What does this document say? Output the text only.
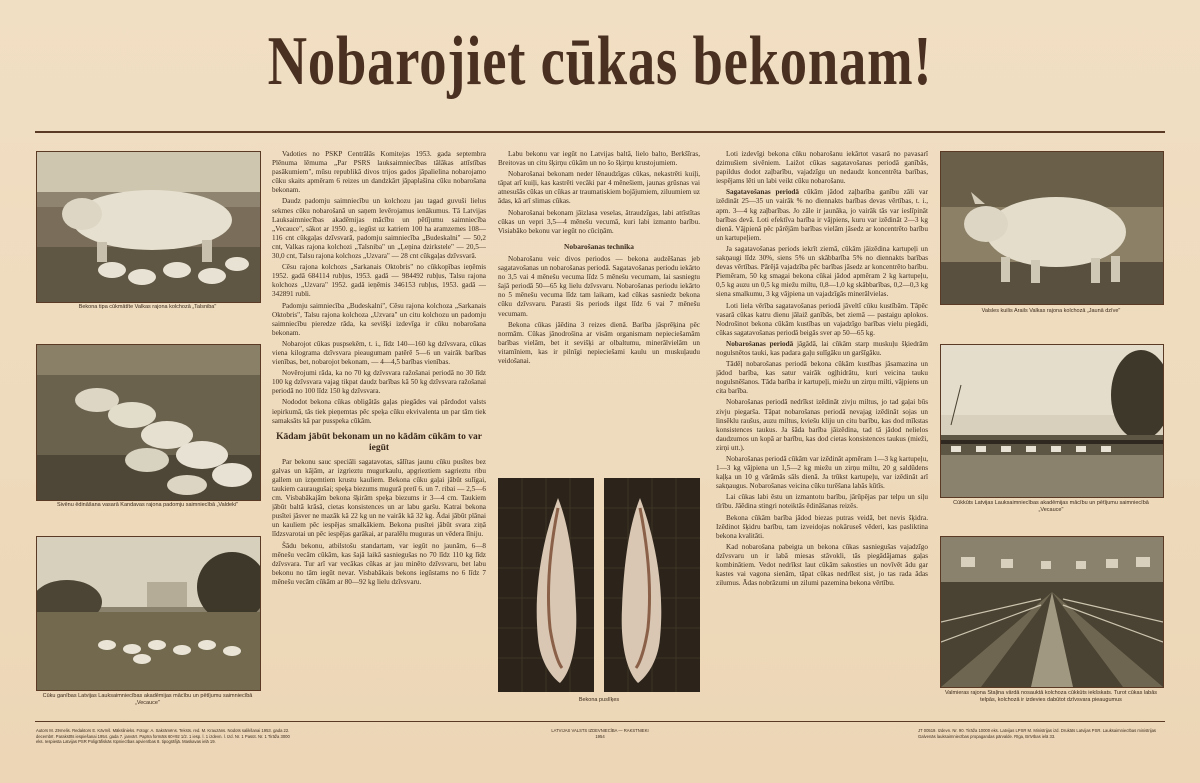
Nobarojiet cūkas bekonam!
Bekona tipa cūkmātīte Valkas rajona kolchozā „Talsniba"
Sivēnu ēdināšana vasarā Kandavas rajona padomju saimniecībā „Valdeki"
Cūku ganības Latvijas Lauksaimniecības akadēmijas mācību un pētījumu saimniecībā „Vecauce"

Vadoties no PSKP Centrālās Komitejas 1953. gada septembra Plēnuma lēmuma „Par PSRS lauksaimniecības tālākas attīstības pasākumiem", mūsu republikā divos trijos gados jāpalielina nobarojamo cūku skaits apmēram 6 reizes un dandzkārt jāpaplašina cūku nobarošana bekonam.

Daudz padomju saimniecību un kolchozu jau tagad guvuši lielus sekmes cūku nobarošanā un saņem levērojamus ienākumus. Tā Latvijas Lauksaimniecības akadēmijas mācību un pētījumu saimniecība „Vecauce", sākot ar 1950. g., iegūst uz katriem 100 ha aramzemes 108—116 cnt cūkgaļas dzīvsvarā, padomju saimniecība „Budeskalni" — 50,2 cnt, Valkas rajona kolchozi „Talsniba" un „Ļeņina dzirkstele" — 20,5—30,0 cnt, Talsu rajona kolchozs „Uzvara" — 28 cnt cūkgaļas dzīvsvarā.

Cēsu rajona kolchozs „Sarkanais Oktobris" no cūkkopības ieņēmis 1952. gadā 684114 rubļus, 1953. gadā — 984492 rubļus, Talsu rajona kolchozs „Uzvara" 1952. gadā ieņēmis 346153 rubļus, 1953. gadā — 342891 rubli.

Padomju saimniecība „Budeskalni", Cēsu rajona kolchoza „Sarkanais Oktobris", Talsu rajona kolchoza „Uzvara" un citu kolchozu un padomju saimniecību pieredze rāda, ka sevišķi izdevīga ir cūku nobarošana bekonam.

Nobarojot cūkas puspsekēm, t. i., līdz 140—160 kg dzīvsvara, cūkas viena kilograma dzīvsvara pieaugumam patērē 5—6 un vairāk barības vienības, bet, nobarojot bekonam, — 4—4,5 barības vienības.

Novērojumi rāda, ka no 70 kg dzīvsvara ražošanai periodā no 30 līdz 100 kg dzīvsvara vajag tikpat daudz barības kā 50 kg dzīvsvara ražošanai periodā no 100 līdz 150 kg dzīvsvara.

Nododot bekona cūkas obligātās gaļas piegādes vai pārdodot valsts iepirkumā, tās tiek pieņemtas pēc speķa cūku ekvivalenta un par tām tiek samaksāts kā par pusspeka cūkām.

Kādam jābūt bekonam un no kādām cūkām to var iegūt

Par bekonu sauc speciāli sagatavotas, sālītas jaunu cūku pusītes bez galvas un kājām, ar izgrieztu mugurkaulu, apgrieztiem sagrieztu ribu gallem un izņemtiem krustu kauliem. Bekona cūku gaļai jābūt sulīgai, taukiem cauraugušai; speķa biezums mugurā pretī 6. un 7. ribai — 2,5—6 cm. Visbabākajām bekona šķirām speķa biezums ir 3—4 cm. Taukiem jābūt baltā krāsā, cietas konsistences un ar labu garšu. Katrai bekona pusītei jāsver ne mazāk kā 22 kg un ne vairāk kā 32 kg. Ādai jābūt plānai un kauliem pēc iespējas smalkākiem. Bekona pusītei jābūt svara ziņā līdzsvarotai un pēc iespējas garākai, ar paralēlu muguras un vēdera līniju.

Šādu bekonu, atbilstošu standartam, var iegūt no jaunām, 6—8 mēnešu vecām cūkām, kas šajā laikā sasniegušas no 70 līdz 110 kg līdz dzīvsvara. Tur arī var vecākas cūkas ar jau minēto dzīvsvaru, bet labu bekonu no tām iegūt nevar. Visbabākais bekons iegūstams no 6 līdz 7 mēnešu vecām cūkām ar 80—92 kg lielu dzīvsvaru.

Labu bekonu var iegūt no Latvijas baltā, lielo balto, Berkšīras, Breitovas un citu šķirņu cūkām un no šo šķirņu krustojumiem.

Nobarošanai bekonam neder lēnaudzīgas cūkas, nekastrēti kuiļi, tāpat arī kuiļi, kas kastrēti vecāki par 4 mēnešiem, jaunas grūsnas vai atnesušās cūkas un cūkas ar traumatiskiem bojājumiem, ziluumiem uz ādas, kā arī slimas cūkas.

Nobarošanai bekonam jāizlasa veselas, ātraudzīgas, labi attīstītas cūkas un vepri 3,5—4 mēnešu vecumā, kuri labi izmanto barību. Visiabāko bekonu var iegūt no cūciņām.

Nobarošanas technika

Nobarošanu veic divos periodos — bekona audzēšanas jeb sagatavošanas un nobarošanas periodā. Sagatavošanas periodu iekārto no 3,5 vai 4 mēnešu vecuma līdz 5 mēnešu vecumam, lai sasniegtu šajā periodā 50—65 kg lielu dzīvsvaru. Nobarošanas periodu iekārto no 5 mēnešu vecuma līdz tam laikam, kad cūkas sasniedz bekona cūku dzīvsvaru. Parasti šis periods ilgst līdz 6 vai 7 mēnešu vecumam.

Bekona cūkas jāēdina 3 reizes dienā. Barība jāsprēķina pēc normām. Cūkas jānodrošina ar visām organismam nepieciešamām barības vielām, bet it sevišķi ar olbaltumu, minerālvielām un vitamīniem, kas ir pilnīgi nepieciešami kaulu un muskuļaudu veidošanai.

Bekona puslīķes

Loti izdevīgi bekona cūku nobarošanu iekārtot vasarā no pavasarī dzimušiem sivēniem. Laižot cūkas sagatavošanas periodā ganībās, papildus dodot zaļbarību, vajadzīgu un nedaudz koncentrēta barības, iespējams lēti un labi veikt cūku nobarošanu.

Sagatavošanas periodā cūkām jādod zaļbarība ganību zāli var izēdināt 25—35 un vairāk % no diennakts barības devas vērtības, t. i., apm. 3—4 kg zaļbarības. Jo zāle ir jaunāka, jo vairāk tās var ieslīpināt barības devā. Loti efektīva barība ir vājpiens, kuru var izēdināt 2—3 kg dienā. Vājpienā pēc pārējām barības vielām jāsedz ar koncentrēto barību un kartupeļiem.

Ja sagatavošanas periods iekrīt ziemā, cūkām jāizēdina kartupeļi un sakņaugi līdz 30%, siens 5% un skābbarība 5% no diennakts barības devas vērtības. Pārējā vajadzība pēc barības jāsedz ar koncentrēto barību. Piemēram, 50 kg smagai bekona cūkai jādod apmēram 2 kg kartupeļu, 0,5 kg auzu un 0,5 kg miežu miltu, 0,8—1,0 kg skābbarības, 0,2—0,3 kg siena smalkumu, 3 kg vājpiena un vajadzīgās minerālvielas.

Loti liela vērība sagatavošanas periodā jāveltī cūku kustībām. Tāpēc vasarā cūkas katru dienu jālaiž ganībās, bet ziemā — pastaigu aplokos. Nodrošinot bekona cūkām kustības un vajadzīgo barības vielu piegādi, cūkas sagatavošanas periodā beigās sver ap 50—65 kg.

Nobarošanas periodā jāgādā, lai cūkām starp muskuļu šķiedrām nogulsnētos tauki, kas padara gaļu sulīgāku un garšīgāku.

Tādēļ nobarošanas periodā bekona cūkām kustības jāsamazina un jādod barība, kas satur vairāk ogļhidrātu, kuri veicina tauku nogulsnēšanos. Tāda barība ir kartupeļi, miežu un zirņu milti, vājpiens un cita barība.

Nobarošanas periodā nedrīkst izēdināt zivju miltus, jo tad gaļai būs zivju piegaršа. Tāpat nobarošanas periodā nevajag izēdināt sojas un linsēklu raušus, auzu miltus, kviešu kliju un citu barību, kas dod mīkstas konsistences taukus. Ja šāda barība jāizēdina, tad tā jādod nelielos daudzumos un kopā ar barību, kas dod cietas konsistences taukus (mieži, zirņi utt.).

Nobarošanas periodā cūkām var izēdināt apmēram 1—3 kg kartupeļu, 1—3 kg vājpiena un 1,5—2 kg miežu un zirņu miltu, 20 g saldūdens kaļķa un 10 g vārāmās sāls dienā. Ja trūkst kartupeļu, var izēdināt arī sakņaugus. Nobarošanas veicina cūku turēšana labās kūtīs.

Lai cūkas labi ēstu un izmantotu barību, jārūpējas par telpu un siļu tīrību. Jāēdina stingri noteiktās ēdināšanas reizēs.

Bekona cūkām barība jādod biezas putras veidā, bet nevis šķidra. Izēdinot šķidru barību, tam izveidojas nokāruseš vēderi, kas pasliktina bekona kvalitāti.

Kad nobarošana pabeigta un bekona cūkas sasniegušas vajadzīgo dzīvsvaru un ir labā miesas stāvokli, tās piegādājamas gaļas kombinātiem. Vedot nedrīkst laut cūkām sakosties un novīvēt ādu gar kastes vai vagona sienām, tāpat cūkas nedrīkst sist, jo tas rada ādas zilumus. Ādas nobrāzumi un zilumi pazemina bekona vērtību.

Valsles kuilis Arails Valkas rajona kolchozā „Jaunā dzīve"
Cūkkūts Latvijas Lauksaimniecības akadēmijas mācību un pētījumu saimniecībā „Vecauce"
Valmieras rajona Staļina vārdā nosauktā kolchoza cūkkūts iekšskats. Turot cūkas labās telpās, kolchozā ir izdevies dabūtot dzīvsvara pieaugumus
Autors M. Zēmelis. Redaktors E. Kāvīnš. Mākslinieks. Fotogr. A. Sakrāmēns. Teksts. red. M. Krauzāns. Nodots salikšanai 1953. gada 22. decembrī. Parakstīts iespiešanai 1954. gada 7. janvārī. Papīra formāts 60×92 1/2. 1 iesp. l. 1 izdevn. l. Izd. Nr. 1 Pasūt. Nr. 1 Tirāža 3000 eks. Iespiesta Latvijas PSR Poligrāfiskās rūpniecības apvienības 8. tipogrāfijā. Maskavas ielā 19.
LATVIJAS VALSTS IZDEVNIECĪBA — RAKSTNIEKI
1954
JT 00519. Izdevn. Nr. 90. Tirāža 10000 eks. Latvijas LPSR M. Ministrijas izd. Drukāts Latvijas PSR. Lauksaimniecības ministrijas Galvenās lauksaimniecības propagandas pārvalde. Rīga, Brīvības ielā 33.
